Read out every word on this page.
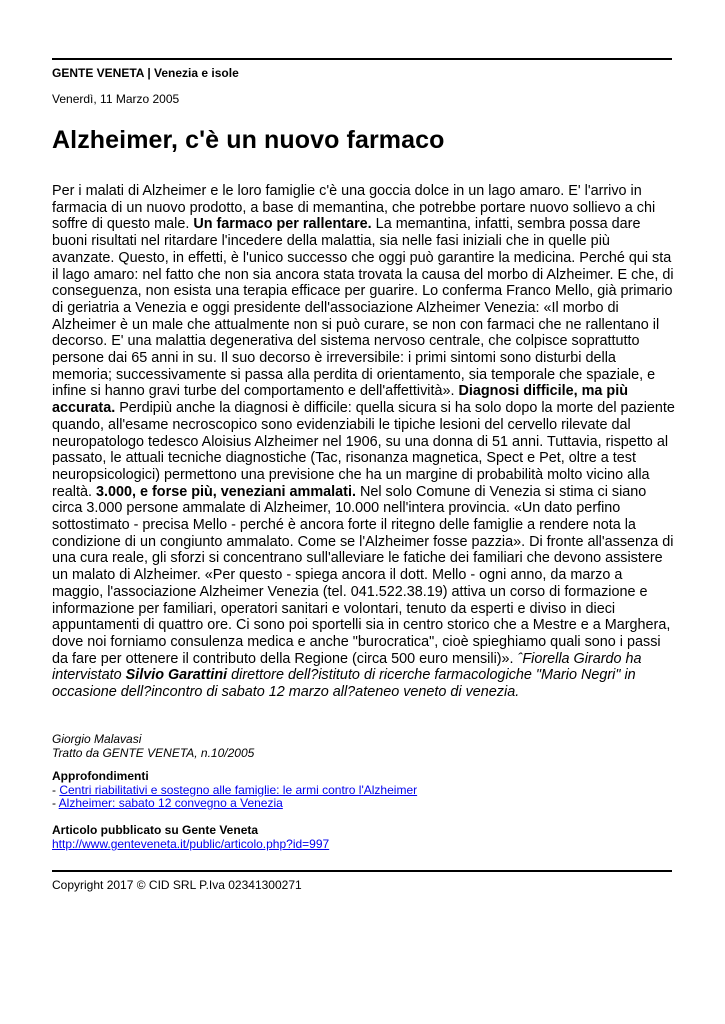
GENTE VENETA | Venezia e isole
Venerdì, 11 Marzo 2005
Alzheimer, c'è un nuovo farmaco

Per i malati di Alzheimer e le loro famiglie c'è una goccia dolce in un lago amaro. E' l'arrivo in farmacia di un nuovo prodotto, a base di memantina, che potrebbe portare nuovo sollievo a chi soffre di questo male. Un farmaco per rallentare. La memantina, infatti, sembra possa dare buoni risultati nel ritardare l'incedere della malattia, sia nelle fasi iniziali che in quelle più avanzate. Questo, in effetti, è l'unico successo che oggi può garantire la medicina. Perché qui sta il lago amaro: nel fatto che non sia ancora stata trovata la causa del morbo di Alzheimer. E che, di conseguenza, non esista una terapia efficace per guarire. Lo conferma Franco Mello, già primario di geriatria a Venezia e oggi presidente dell'associazione Alzheimer Venezia: «Il morbo di Alzheimer è un male che attualmente non si può curare, se non con farmaci che ne rallentano il decorso. E' una malattia degenerativa del sistema nervoso centrale, che colpisce soprattutto persone dai 65 anni in su. Il suo decorso è irreversibile: i primi sintomi sono disturbi della memoria; successivamente si passa alla perdita di orientamento, sia temporale che spaziale, e infine si hanno gravi turbe del comportamento e dell'affettività». Diagnosi difficile, ma più accurata. Perdipiù anche la diagnosi è difficile: quella sicura si ha solo dopo la morte del paziente quando, all'esame necroscopico sono evidenziabili le tipiche lesioni del cervello rilevate dal neuropatologo tedesco Aloisius Alzheimer nel 1906, su una donna di 51 anni. Tuttavia, rispetto al passato, le attuali tecniche diagnostiche (Tac, risonanza magnetica, Spect e Pet, oltre a test neuropsicologici) permettono una previsione che ha un margine di probabilità molto vicino alla realtà. 3.000, e forse più, veneziani ammalati. Nel solo Comune di Venezia si stima ci siano circa 3.000 persone ammalate di Alzheimer, 10.000 nell'intera provincia. «Un dato perfino sottostimato - precisa Mello - perché è ancora forte il ritegno delle famiglie a rendere nota la condizione di un congiunto ammalato. Come se l'Alzheimer fosse pazzia». Di fronte all'assenza di una cura reale, gli sforzi si concentrano sull'alleviare le fatiche dei familiari che devono assistere un malato di Alzheimer. «Per questo - spiega ancora il dott. Mello - ogni anno, da marzo a maggio, l'associazione Alzheimer Venezia (tel. 041.522.38.19) attiva un corso di formazione e informazione per familiari, operatori sanitari e volontari, tenuto da esperti e diviso in dieci appuntamenti di quattro ore. Ci sono poi sportelli sia in centro storico che a Mestre e a Marghera, dove noi forniamo consulenza medica e anche "burocratica", cioè spieghiamo quali sono i passi da fare per ottenere il contributo della Regione (circa 500 euro mensili)». ˆFiorella Girardo ha intervistato Silvio Garattini direttore dell?istituto di ricerche farmacologiche "Mario Negri" in occasione dell?incontro di sabato 12 marzo all?ateneo veneto di venezia.

Giorgio Malavasi
Tratto da GENTE VENETA, n.10/2005
Approfondimenti
- Centri riabilitativi e sostegno alle famiglie: le armi contro l'Alzheimer
- Alzheimer: sabato 12 convegno a Venezia
Articolo pubblicato su Gente Veneta
http://www.genteveneta.it/public/articolo.php?id=997
Copyright 2017 © CID SRL P.Iva 02341300271
